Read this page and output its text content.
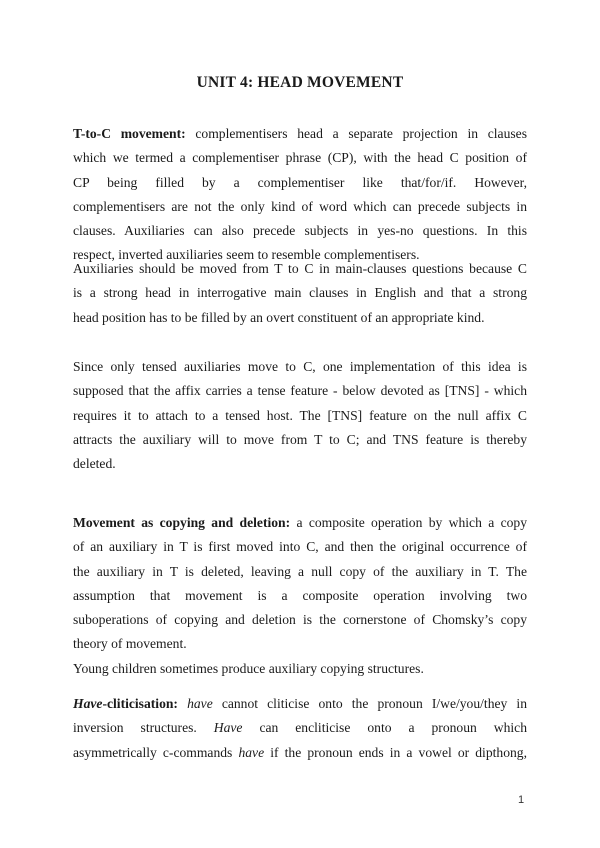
UNIT 4: HEAD MOVEMENT
T-to-C movement: complementisers head a separate projection in clauses
which we termed a complementiser phrase (CP), with the head C position of
CP being filled by a complementiser like that/for/if. However,
complementisers are not the only kind of word which can precede subjects in
clauses. Auxiliaries can also precede subjects in yes-no questions. In this
respect, inverted auxiliaries seem to resemble complementisers.
Auxiliaries should be moved from T to C in main-clauses questions because C
is a strong head in interrogative main clauses in English and that a strong
head position has to be filled by an overt constituent of an appropriate kind.
Since only tensed auxiliaries move to C, one implementation of this idea is
supposed that the affix carries a tense feature - below devoted as [TNS] - which
requires it to attach to a tensed host. The [TNS] feature on the null affix C
attracts the auxiliary will to move from T to C; and TNS feature is thereby
deleted.
Movement as copying and deletion: a composite operation by which a copy
of an auxiliary in T is first moved into C, and then the original occurrence of
the auxiliary in T is deleted, leaving a null copy of the auxiliary in T. The
assumption that movement is a composite operation involving two
suboperations of copying and deletion is the cornerstone of Chomsky’s copy
theory of movement.
Young children sometimes produce auxiliary copying structures.
Have-cliticisation: have cannot cliticise onto the pronoun I/we/you/they in
inversion structures. Have can encliticise onto a pronoun which
asymmetrically c-commands have if the pronoun ends in a vowel or dipthong,
1
